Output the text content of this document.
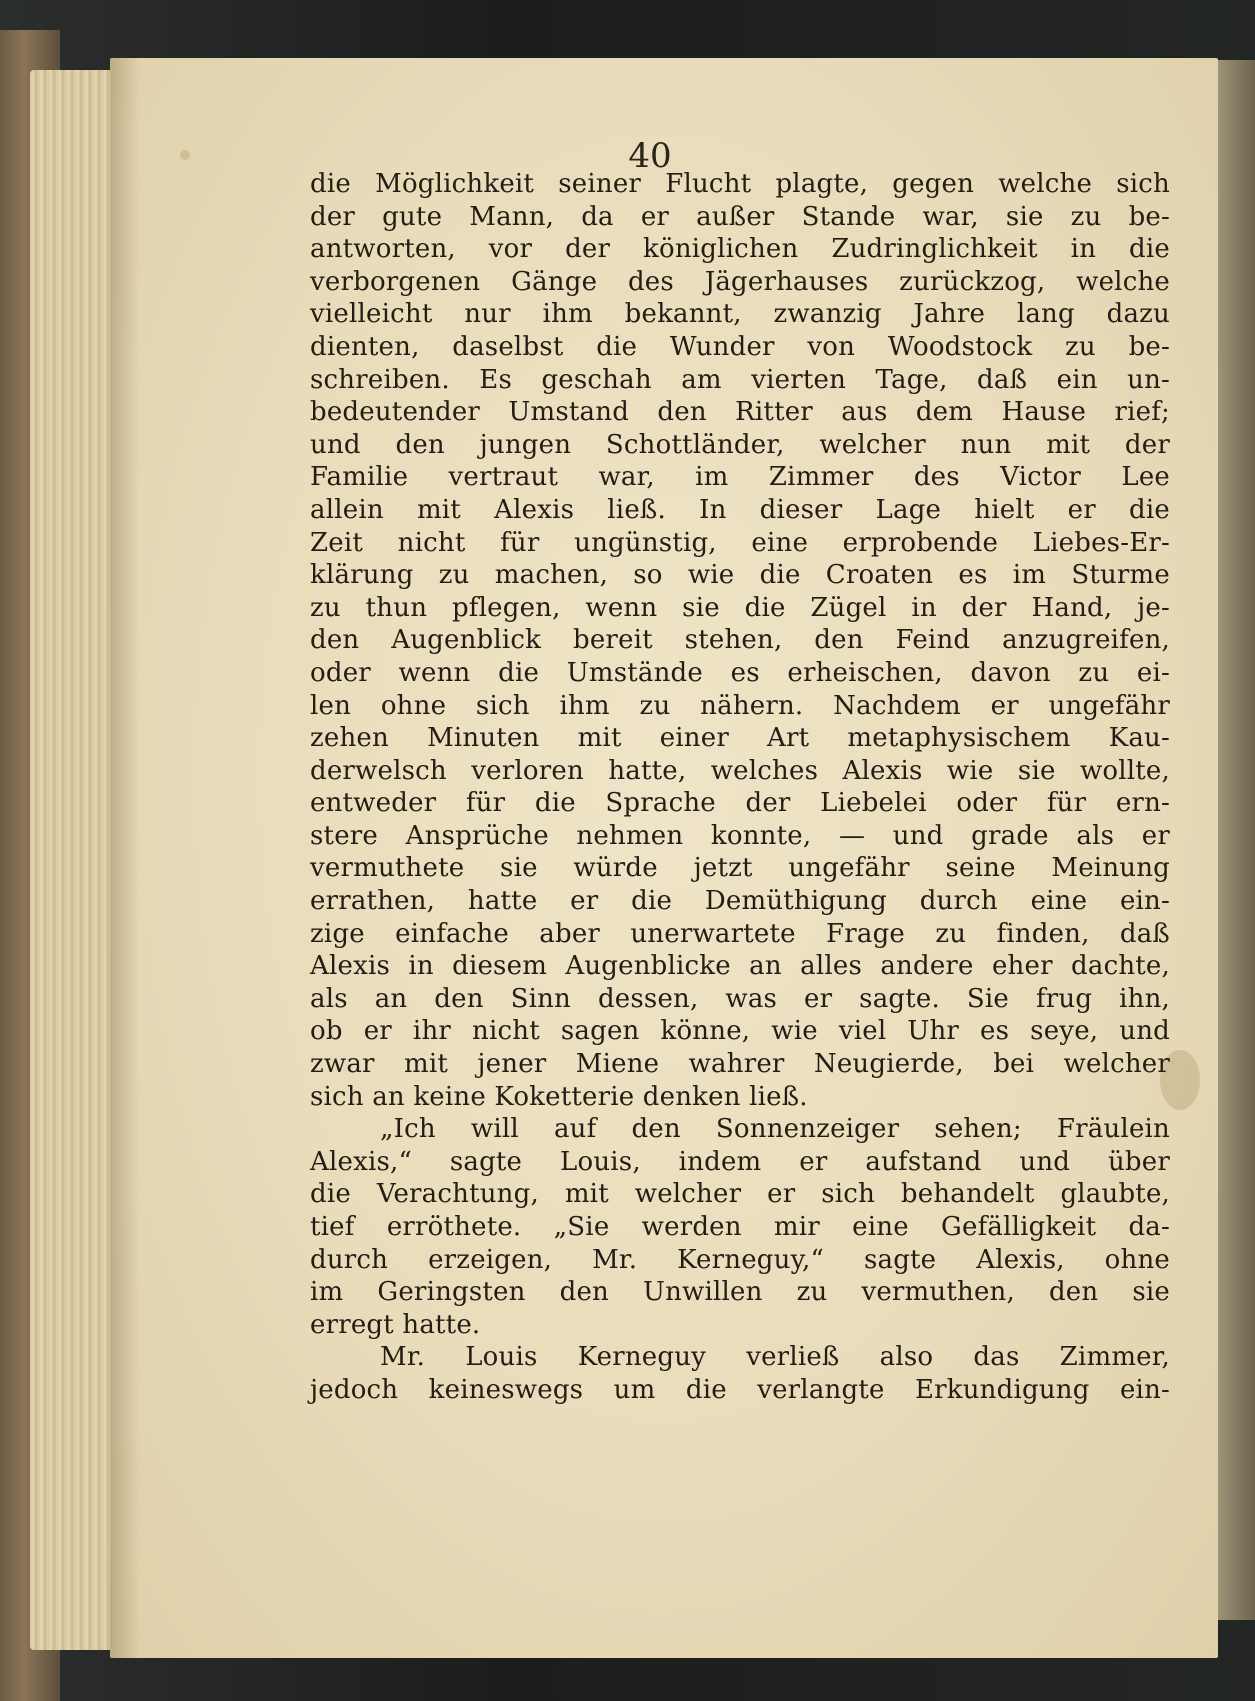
40
die Möglichkeit seiner Flucht plagte, gegen welche sich
der gute Mann, da er außer Stande war, sie zu be-
antworten, vor der königlichen Zudringlichkeit in die
verborgenen Gänge des Jägerhauses zurückzog, welche
vielleicht nur ihm bekannt, zwanzig Jahre lang dazu
dienten, daselbst die Wunder von Woodstock zu be-
schreiben. Es geschah am vierten Tage, daß ein un-
bedeutender Umstand den Ritter aus dem Hause rief;
und den jungen Schottländer, welcher nun mit der
Familie vertraut war, im Zimmer des Victor Lee
allein mit Alexis ließ. In dieser Lage hielt er die
Zeit nicht für ungünstig, eine erprobende Liebes-Er-
klärung zu machen, so wie die Croaten es im Sturme
zu thun pflegen, wenn sie die Zügel in der Hand, je-
den Augenblick bereit stehen, den Feind anzugreifen,
oder wenn die Umstände es erheischen, davon zu ei-
len ohne sich ihm zu nähern. Nachdem er ungefähr
zehen Minuten mit einer Art metaphysischem Kau-
derwelsch verloren hatte, welches Alexis wie sie wollte,
entweder für die Sprache der Liebelei oder für ern-
stere Ansprüche nehmen konnte, — und grade als er
vermuthete sie würde jetzt ungefähr seine Meinung
errathen, hatte er die Demüthigung durch eine ein-
zige einfache aber unerwartete Frage zu finden, daß
Alexis in diesem Augenblicke an alles andere eher dachte,
als an den Sinn dessen, was er sagte. Sie frug ihn,
ob er ihr nicht sagen könne, wie viel Uhr es seye, und
zwar mit jener Miene wahrer Neugierde, bei welcher
sich an keine Koketterie denken ließ.
„Ich will auf den Sonnenzeiger sehen; Fräulein
Alexis,“ sagte Louis, indem er aufstand und über
die Verachtung, mit welcher er sich behandelt glaubte,
tief erröthete. „Sie werden mir eine Gefälligkeit da-
durch erzeigen, Mr. Kerneguy,“ sagte Alexis, ohne
im Geringsten den Unwillen zu vermuthen, den sie
erregt hatte.
Mr. Louis Kerneguy verließ also das Zimmer,
jedoch keineswegs um die verlangte Erkundigung ein-
